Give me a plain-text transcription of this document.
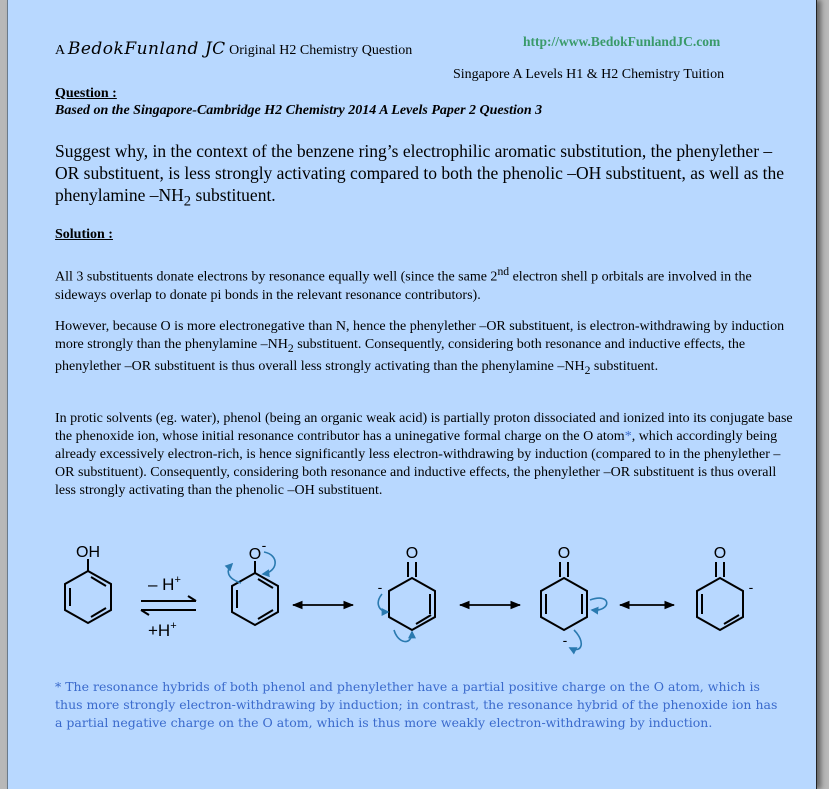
A BedokFunland JC Original H2 Chemistry Question
http://www.BedokFunlandJC.com
Singapore A Levels H1 & H2 Chemistry Tuition
Question :
Based on the Singapore-Cambridge H2 Chemistry 2014 A Levels Paper 2 Question 3
Suggest why, in the context of the benzene ring’s electrophilic aromatic substitution, the phenylether –OR substituent, is less strongly activating compared to both the phenolic –OH substituent, as well as the phenylamine $-NH_2$ substituent.
Solution :
All 3 substituents donate electrons by resonance equally well (since the same 2nd electron shell p orbitals are involved in the sideways overlap to donate pi bonds in the relevant resonance contributors).
However, because O is more electronegative than N, hence the phenylether –OR substituent, is electron-withdrawing by induction more strongly than the phenylamine $-NH_2$ substituent. Consequently, considering both resonance and inductive effects, the phenylether –OR substituent is thus overall less strongly activating than the phenylamine $-NH_2$ substituent.
In protic solvents (eg. water), phenol (being an organic weak acid) is partially proton dissociated and ionized into its conjugate base the phenoxide ion, whose initial resonance contributor has a uninegative formal charge on the O atom*, which accordingly being already excessively electron-rich, is hence significantly less electron-withdrawing by induction (compared to in the phenylether –OR substituent). Consequently, considering both resonance and inductive effects, the phenylether –OR substituent is thus overall less strongly activating than the phenolic –OH substituent.
OH
– H+
+H+
O
-	O
-
O
-
O
-
* The resonance hybrids of both phenol and phenylether have a partial positive charge on the O atom, which is thus more strongly electron-withdrawing by induction; in contrast, the resonance hybrid of the phenoxide ion has a partial negative charge on the O atom, which is thus more weakly electron-withdrawing by induction.
